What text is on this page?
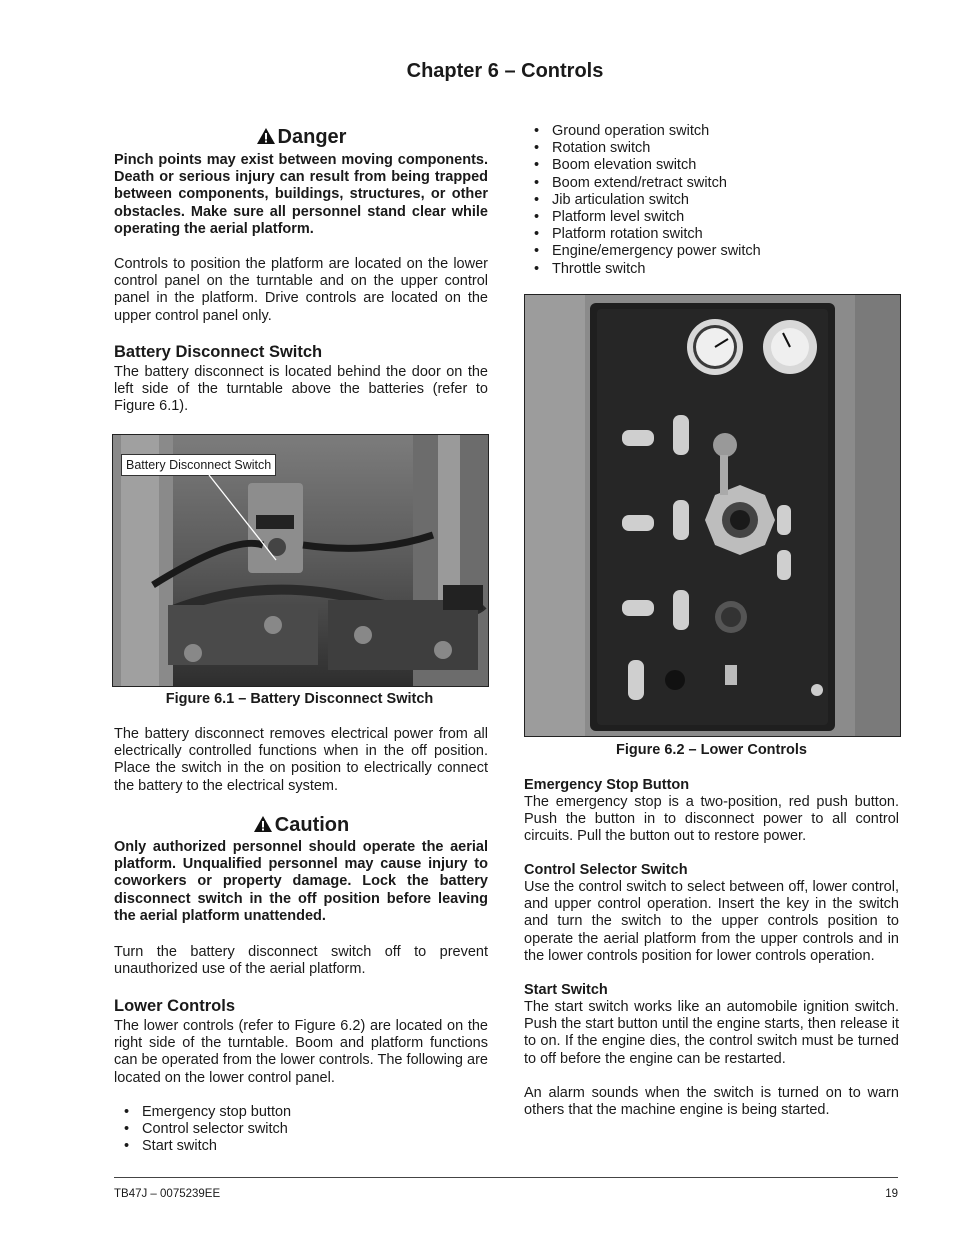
Chapter 6 – Controls
Danger

Pinch points may exist between moving components. Death or serious injury can result from being trapped between components, buildings, structures, or other obstacles. Make sure all personnel stand clear while operating the aerial platform.

Controls to position the platform are located on the lower control panel on the turntable and on the upper control panel in the platform. Drive controls are located on the upper control panel only.

Battery Disconnect Switch

The battery disconnect is located behind the door on the left side of the turntable above the batteries (refer to Figure 6.1).

Battery Disconnect Switch
Figure 6.1 – Battery Disconnect Switch

The battery disconnect removes electrical power from all electrically controlled functions when in the off position. Place the switch in the on position to electrically connect the battery to the electrical system.

Caution

Only authorized personnel should operate the aerial platform. Unqualified personnel may cause injury to coworkers or property damage. Lock the battery disconnect switch in the off position before leaving the aerial platform unattended.

Turn the battery disconnect switch off to prevent unauthorized use of the aerial platform.

Lower Controls

The lower controls (refer to Figure 6.2) are located on the right side of the turntable. Boom and platform functions can be operated from the lower controls. The following are located on the lower control panel.

• Emergency stop button
• Control selector switch
• Start switch
• Ground operation switch
• Rotation switch
• Boom elevation switch
• Boom extend/retract switch
• Jib articulation switch
• Platform level switch
• Platform rotation switch
• Engine/emergency power switch
• Throttle switch
Figure 6.2 – Lower Controls
Emergency Stop Button

The emergency stop is a two-position, red push button. Push the button in to disconnect power to all control circuits. Pull the button out to restore power.

Control Selector Switch

Use the control switch to select between off, lower control, and upper control operation. Insert the key in the switch and turn the switch to the upper controls position to operate the aerial platform from the upper controls and in the lower controls position for lower controls operation.

Start Switch

The start switch works like an automobile ignition switch. Push the start button until the engine starts, then release it to on. If the engine dies, the control switch must be turned to off before the engine can be restarted.

An alarm sounds when the switch is turned on to warn others that the machine engine is being started.

TB47J – 0075239EE	19
